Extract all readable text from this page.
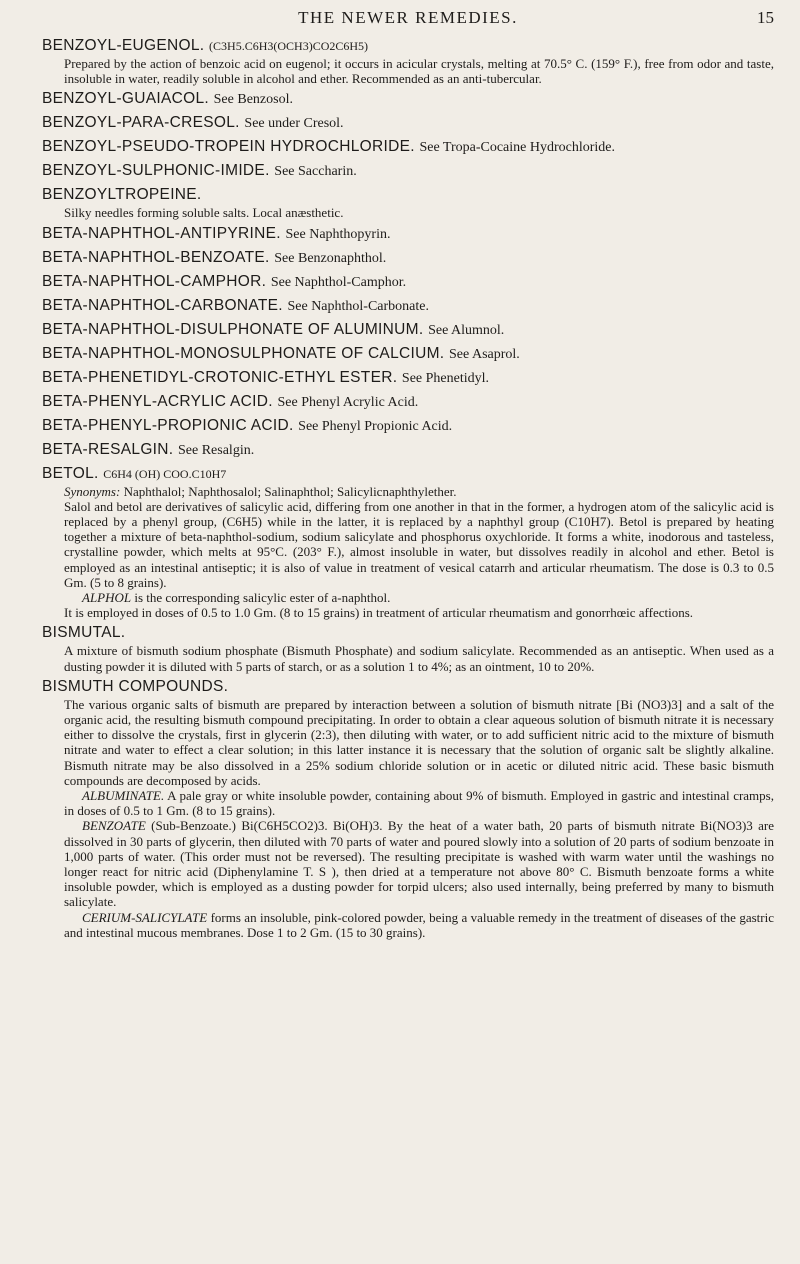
THE NEWER REMEDIES.	15
BENZOYL-EUGENOL. (C3H5.C6H3(OCH3)CO2C6H5)

Prepared by the action of benzoic acid on eugenol; it occurs in acicular crystals, melting at 70.5° C. (159° F.), free from odor and taste, insoluble in water, readily soluble in alcohol and ether. Recommended as an anti-tubercular.

BENZOYL-GUAIACOL. See Benzosol.
BENZOYL-PARA-CRESOL. See under Cresol.
BENZOYL-PSEUDO-TROPEIN HYDROCHLORIDE. See Tropa-Cocaine Hydrochloride.
BENZOYL-SULPHONIC-IMIDE. See Saccharin.
BENZOYLTROPEINE.

Silky needles forming soluble salts. Local anæsthetic.

BETA-NAPHTHOL-ANTIPYRINE. See Naphthopyrin.
BETA-NAPHTHOL-BENZOATE. See Benzonaphthol.
BETA-NAPHTHOL-CAMPHOR. See Naphthol-Camphor.
BETA-NAPHTHOL-CARBONATE. See Naphthol-Carbonate.
BETA-NAPHTHOL-DISULPHONATE OF ALUMINUM. See Alumnol.
BETA-NAPHTHOL-MONOSULPHONATE OF CALCIUM. See Asaprol.
BETA-PHENETIDYL-CROTONIC-ETHYL ESTER. See Phenetidyl.
BETA-PHENYL-ACRYLIC ACID. See Phenyl Acrylic Acid.
BETA-PHENYL-PROPIONIC ACID. See Phenyl Propionic Acid.
BETA-RESALGIN. See Resalgin.
BETOL. C6H4 (OH) COO.C10H7

Synonyms: Naphthalol; Naphthosalol; Salinaphthol; Salicylicnaphthylether.

Salol and betol are derivatives of salicylic acid, differing from one another in that in the former, a hydrogen atom of the salicylic acid is replaced by a phenyl group, (C6H5) while in the latter, it is replaced by a naphthyl group (C10H7). Betol is prepared by heating together a mixture of beta-naphthol-sodium, sodium salicylate and phosphorus oxychloride. It forms a white, inodorous and tasteless, crystalline powder, which melts at 95°C. (203° F.), almost insoluble in water, but dissolves readily in alcohol and ether. Betol is employed as an intestinal antiseptic; it is also of value in treatment of vesical catarrh and articular rheumatism. The dose is 0.3 to 0.5 Gm. (5 to 8 grains).

ALPHOL is the corresponding salicylic ester of a-naphthol.

It is employed in doses of 0.5 to 1.0 Gm. (8 to 15 grains) in treatment of articular rheumatism and gonorrhœic affections.

BISMUTAL.

A mixture of bismuth sodium phosphate (Bismuth Phosphate) and sodium salicylate. Recommended as an antiseptic. When used as a dusting powder it is diluted with 5 parts of starch, or as a solution 1 to 4%; as an ointment, 10 to 20%.

BISMUTH COMPOUNDS.

The various organic salts of bismuth are prepared by interaction between a solution of bismuth nitrate [Bi (NO3)3] and a salt of the organic acid, the resulting bismuth compound precipitating. In order to obtain a clear aqueous solution of bismuth nitrate it is necessary either to dissolve the crystals, first in glycerin (2:3), then diluting with water, or to add sufficient nitric acid to the mixture of bismuth nitrate and water to effect a clear solution; in this latter instance it is necessary that the solution of organic salt be slightly alkaline. Bismuth nitrate may be also dissolved in a 25% sodium chloride solution or in acetic or diluted nitric acid. These basic bismuth compounds are decomposed by acids.

ALBUMINATE. A pale gray or white insoluble powder, containing about 9% of bismuth. Employed in gastric and intestinal cramps, in doses of 0.5 to 1 Gm. (8 to 15 grains).

BENZOATE (Sub-Benzoate.) Bi(C6H5CO2)3. Bi(OH)3. By the heat of a water bath, 20 parts of bismuth nitrate Bi(NO3)3 are dissolved in 30 parts of glycerin, then diluted with 70 parts of water and poured slowly into a solution of 20 parts of sodium benzoate in 1,000 parts of water. (This order must not be reversed). The resulting precipitate is washed with warm water until the washings no longer react for nitric acid (Diphenylamine T. S ), then dried at a temperature not above 80° C. Bismuth benzoate forms a white insoluble powder, which is employed as a dusting powder for torpid ulcers; also used internally, being preferred by many to bismuth salicylate.

CERIUM-SALICYLATE forms an insoluble, pink-colored powder, being a valuable remedy in the treatment of diseases of the gastric and intestinal mucous membranes. Dose 1 to 2 Gm. (15 to 30 grains).
